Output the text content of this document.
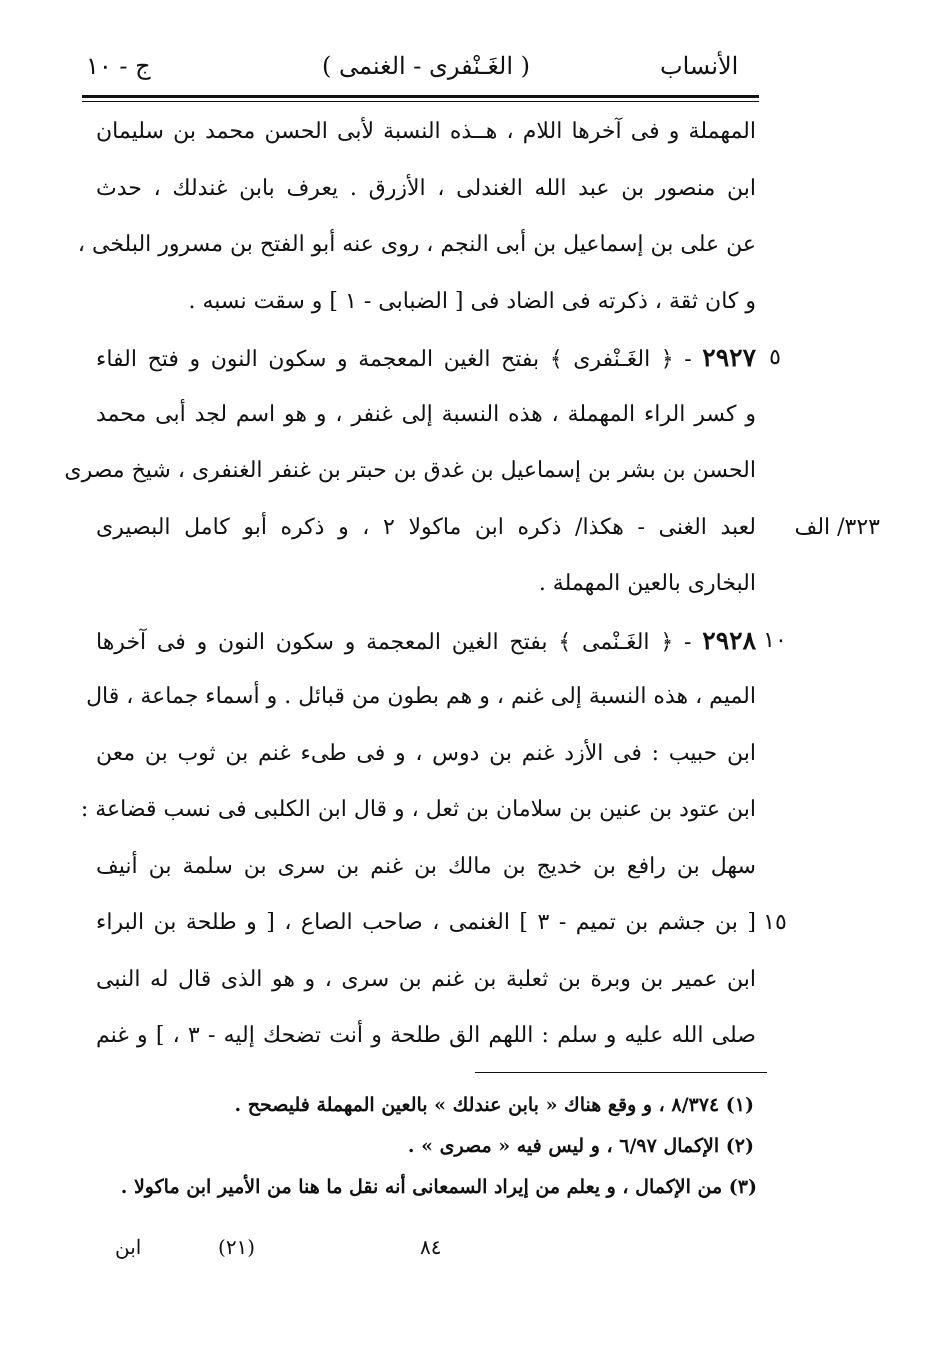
الأنساب
( الغَـنْفرى - الغنمى )
ج - ١٠
المهملة و فى آخرها اللام ، هــذه النسبة لأبى الحسن محمد بن سليمان
ابن منصور بن عبد الله الغندلى ، الأزرق . يعرف بابن غندلك ، حدث
عن على بن إسماعيل بن أبى النجم ، روى عنه أبو الفتح بن مسرور البلخى ،
و كان ثقة ، ذكرته فى الضاد فى [ الضبابى - ١ ] و سقت نسبه .
٢٩٢٧ - ﴿ الغَـنْفرى ﴾ بفتح الغين المعجمة و سكون النون و فتح الفاء
و كسر الراء المهملة ، هذه النسبة إلى غنفر ، و هو اسم لجد أبى محمد
الحسن بن بشر بن إسماعيل بن غدق بن حبتر بن غنفر الغنفرى ، شيخ مصرى
لعبد الغنى - هكذا/ ذكره ابن ماكولا ٢ ، و ذكره أبو كامل البصيرى
البخارى بالعين المهملة .
٢٩٢٨ - ﴿ الغَـنْمى ﴾ بفتح الغين المعجمة و سكون النون و فى آخرها
الميم ، هذه النسبة إلى غنم ، و هم بطون من قبائل . و أسماء جماعة ، قال
ابن حبيب : فى الأزد غنم بن دوس ، و فى طىء غنم بن ثوب بن معن
ابن عتود بن عنين بن سلامان بن ثعل ، و قال ابن الكلبى فى نسب قضاعة :
سهل بن رافع بن خديج بن مالك بن غنم بن سرى بن سلمة بن أنيف
[ بن جشم بن تميم - ٣ ] الغنمى ، صاحب الصاع ، [ و طلحة بن البراء
ابن عمير بن وبرة بن ثعلبة بن غنم بن سرى ، و هو الذى قال له النبى
صلى الله عليه و سلم : اللهم الق طلحة و أنت تضحك إليه - ٣ ، ] و غنم
(١) ٨/٣٧٤ ، و وقع هناك « بابن عندلك » بالعين المهملة فليصحح .
(٢) الإكمال ٦/٩٧ ، و ليس فيه « مصرى » .
(٣) من الإكمال ، و يعلم من إيراد السمعانى أنه نقل ما هنا من الأمير ابن ماكولا .
ابن	(٢١)	٨٤
٥
١٠
١٥
٣٢٣/ الف
